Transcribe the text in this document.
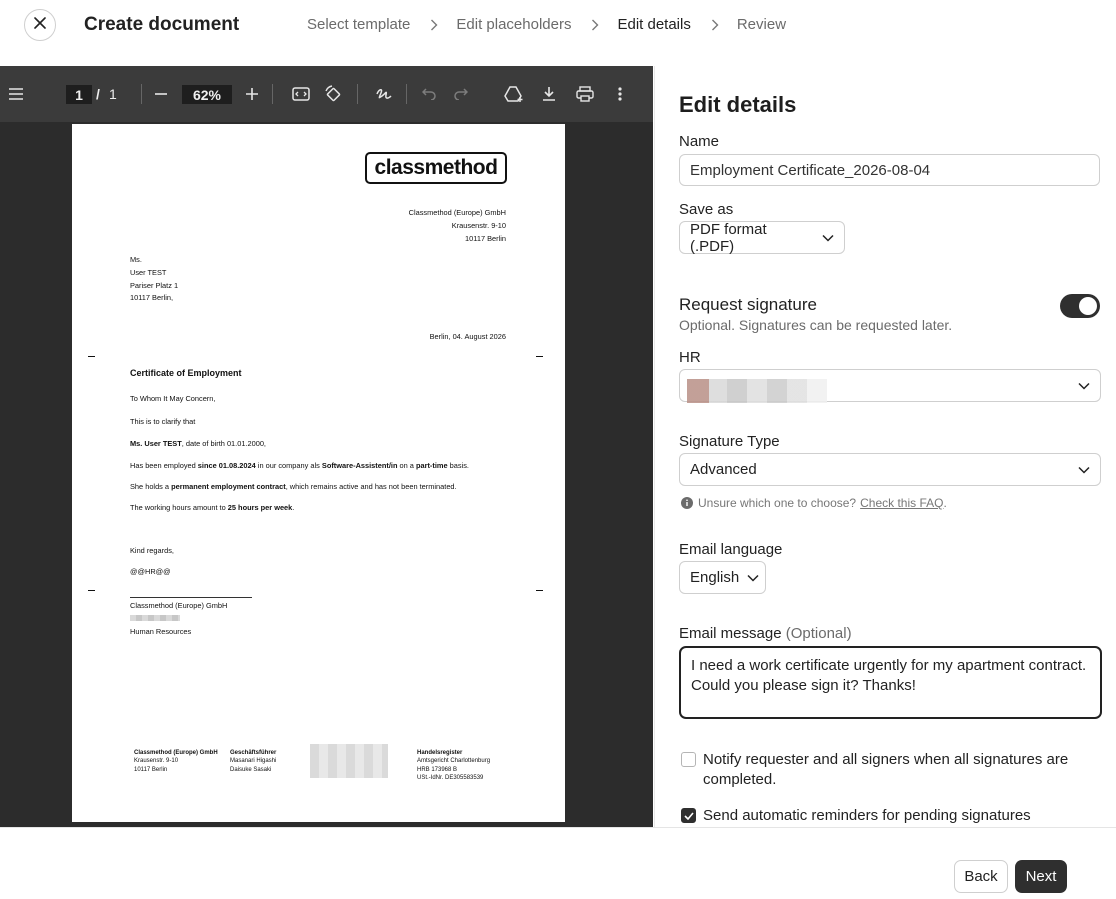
Create document	Select template	Edit placeholders	Edit details	Review
1 / 1	62%
classmethod
Classmethod (Europe) GmbH
Krausenstr. 9-10
10117 Berlin
Ms.
User TEST
Pariser Platz 1
10117 Berlin,
Berlin, 04. August 2026
Certificate of Employment
To Whom It May Concern,
This is to clarify that
Ms. User TEST, date of birth 01.01.2000,
Has been employed since 01.08.2024 in our company als Software-Assistent/in on a part-time basis.
She holds a permanent employment contract, which remains active and has not been terminated.
The working hours amount to 25 hours per week.
Kind regards,
@@HR@@
Classmethod (Europe) GmbH
Human Resources
Classmethod (Europe) GmbH
Krausenstr. 9-10
10117 Berlin
Geschäftsführer
Masanari Higashi
Daisuke Sasaki
Handelsregister
Amtsgericht Charlottenburg
HRB 173968 B
USt.-IdNr. DE305583539
Edit details
Name
Employment Certificate_2026-08-04
Save as
PDF format (.PDF)
Request signature
Optional. Signatures can be requested later.
HR
Signature Type
Advanced
Unsure which one to choose? Check this FAQ .
Email language
English
Email message (Optional)
I need a work certificate urgently for my apartment contract. Could you please sign it? Thanks!
Notify requester and all signers when all signatures are completed.
Send automatic reminders for pending signatures
Back	Next
